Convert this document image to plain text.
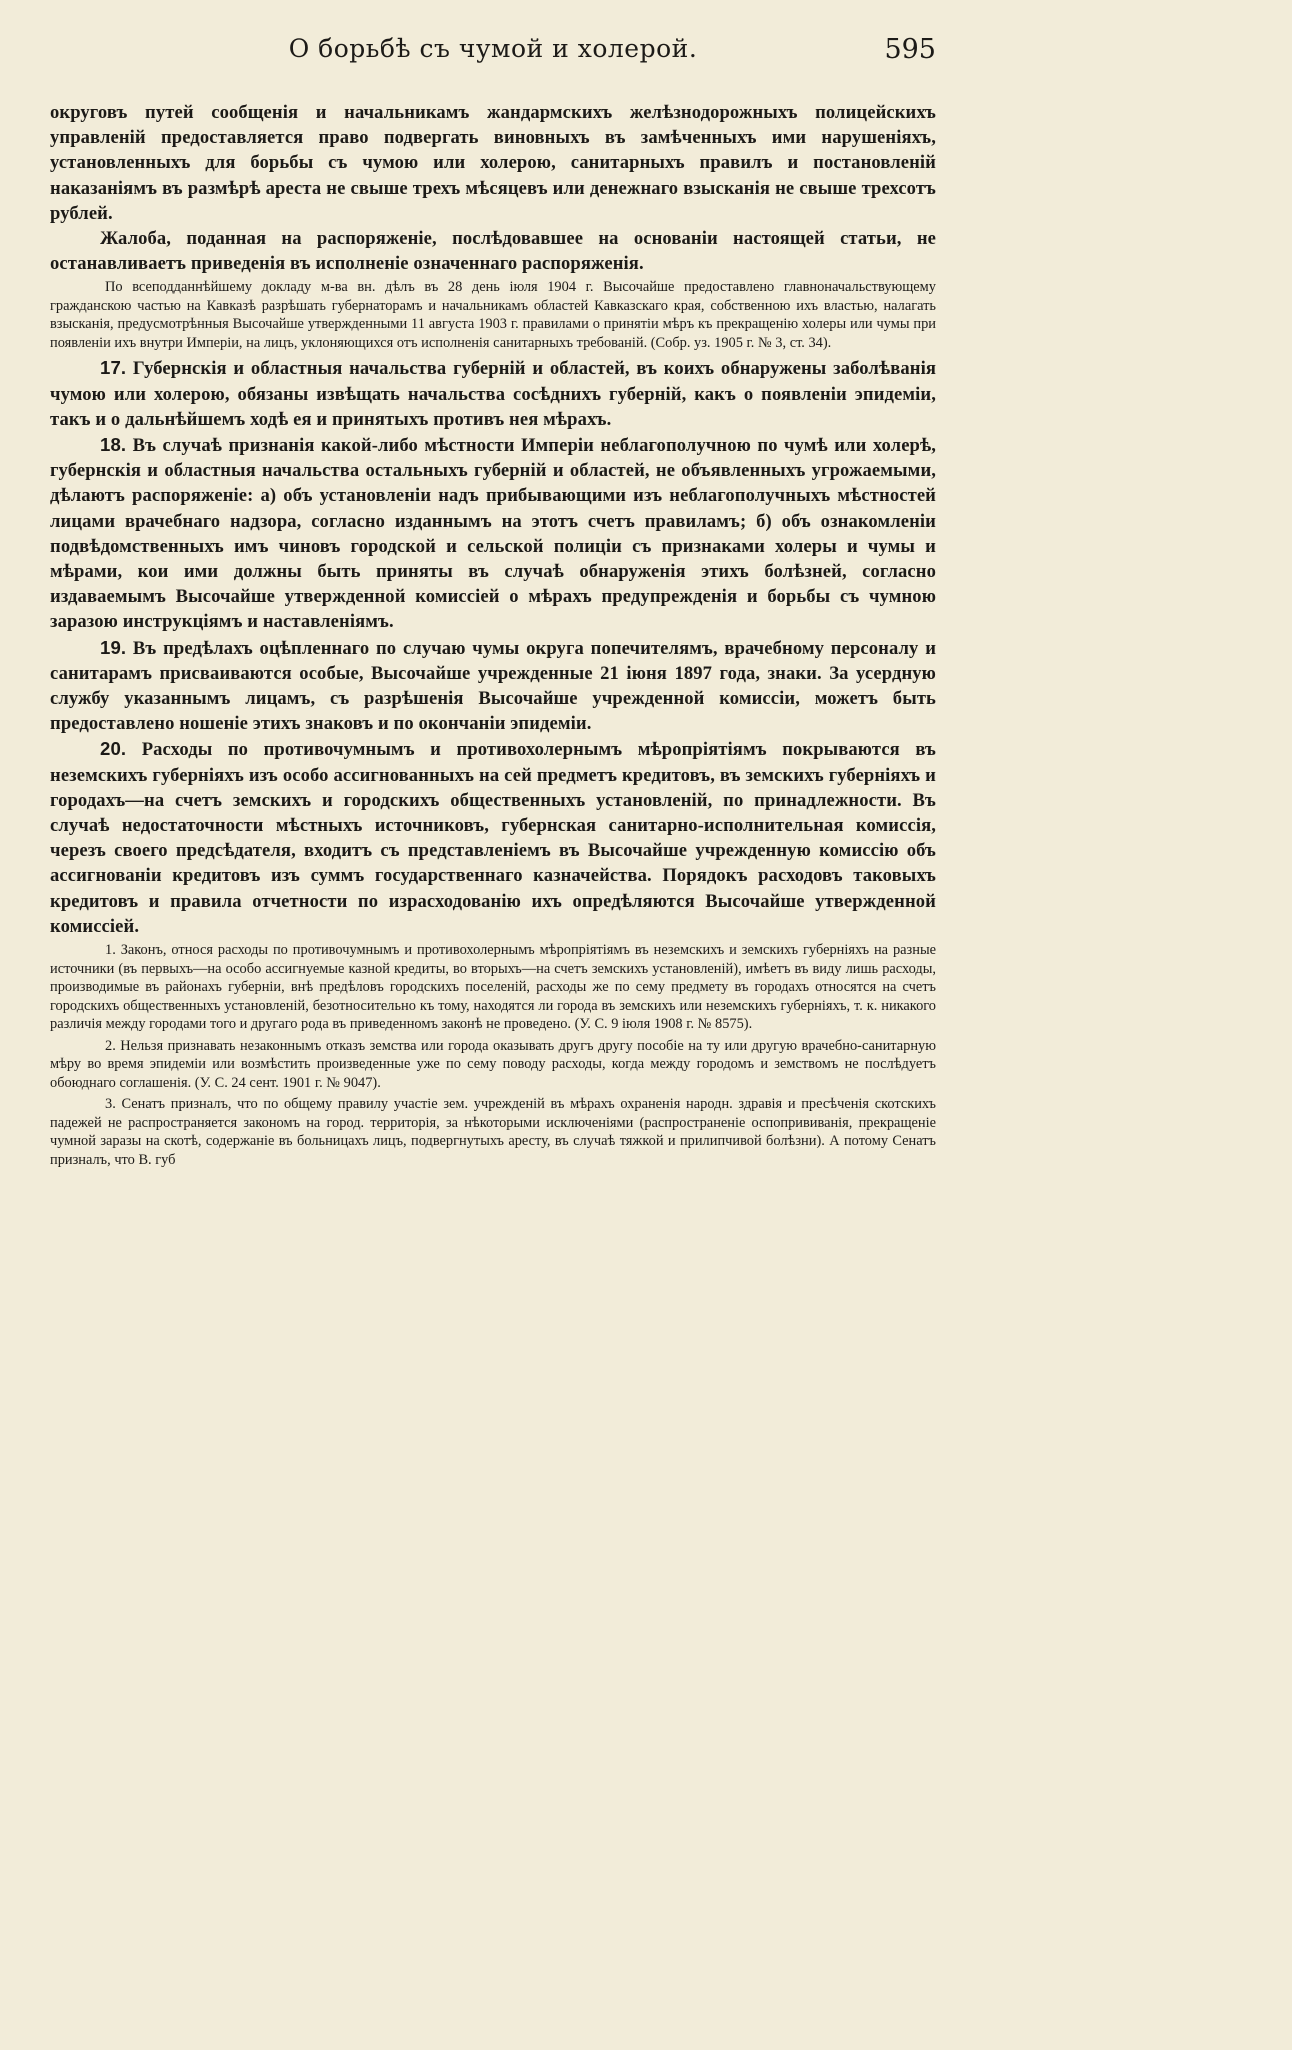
О борьбѣ съ чумой и холерой.	595

округовъ путей сообщенія и начальникамъ жандармскихъ желѣзнодорожныхъ полицейскихъ управленій предоставляется право подвергать виновныхъ въ замѣченныхъ ими нарушеніяхъ, установленныхъ для борьбы съ чумою или холерою, санитарныхъ правилъ и постановленій наказаніямъ въ размѣрѣ ареста не свыше трехъ мѣсяцевъ или денежнаго взысканія не свыше трехсотъ рублей.

Жалоба, поданная на распоряженіе, послѣдовавшее на основаніи настоящей статьи, не останавливаетъ приведенія въ исполненіе означеннаго распоряженія.

По всеподданнѣйшему докладу м-ва вн. дѣлъ въ 28 день іюля 1904 г. Высочайше предоставлено главноначальствующему гражданскою частью на Кавказѣ разрѣшать губернаторамъ и начальникамъ областей Кавказскаго края, собственною ихъ властью, налагать взысканія, предусмотрѣнныя Высочайше утвержденными 11 августа 1903 г. правилами о принятіи мѣръ къ прекращенію холеры или чумы при появленіи ихъ внутри Имперіи, на лицъ, уклоняющихся отъ исполненія санитарныхъ требованій. (Собр. уз. 1905 г. № 3, ст. 34).

17. Губернскія и областныя начальства губерній и областей, въ коихъ обнаружены заболѣванія чумою или холерою, обязаны извѣщать начальства сосѣднихъ губерній, какъ о появленіи эпидеміи, такъ и о дальнѣйшемъ ходѣ ея и принятыхъ противъ нея мѣрахъ.

18. Въ случаѣ признанія какой-либо мѣстности Имперіи неблагополучною по чумѣ или холерѣ, губернскія и областныя начальства остальныхъ губерній и областей, не объявленныхъ угрожаемыми, дѣлаютъ распоряженіе: а) объ установленіи надъ прибывающими изъ неблагополучныхъ мѣстностей лицами врачебнаго надзора, согласно изданнымъ на этотъ счетъ правиламъ; б) объ ознакомленіи подвѣдомственныхъ имъ чиновъ городской и сельской полиціи съ признаками холеры и чумы и мѣрами, кои ими должны быть приняты въ случаѣ обнаруженія этихъ болѣзней, согласно издаваемымъ Высочайше утвержденной комиссіей о мѣрахъ предупрежденія и борьбы съ чумною заразою инструкціямъ и наставленіямъ.

19. Въ предѣлахъ оцѣпленнаго по случаю чумы округа попечителямъ, врачебному персоналу и санитарамъ присваиваются особые, Высочайше учрежденные 21 іюня 1897 года, знаки. За усердную службу указаннымъ лицамъ, съ разрѣшенія Высочайше учрежденной комиссіи, можетъ быть предоставлено ношеніе этихъ знаковъ и по окончаніи эпидеміи.

20. Расходы по противочумнымъ и противохолернымъ мѣропріятіямъ покрываются въ неземскихъ губерніяхъ изъ особо ассигнованныхъ на сей предметъ кредитовъ, въ земскихъ губерніяхъ и городахъ—на счетъ земскихъ и городскихъ общественныхъ установленій, по принадлежности. Въ случаѣ недостаточности мѣстныхъ источниковъ, губернская санитарно-исполнительная комиссія, черезъ своего предсѣдателя, входитъ съ представленіемъ въ Высочайше учрежденную комиссію объ ассигнованіи кредитовъ изъ суммъ государственнаго казначейства. Порядокъ расходовъ таковыхъ кредитовъ и правила отчетности по израсходованію ихъ опредѣляются Высочайше утвержденной комиссіей.

1. Законъ, относя расходы по противочумнымъ и противохолернымъ мѣропріятіямъ въ неземскихъ и земскихъ губерніяхъ на разные источники (въ первыхъ—на особо ассигнуемые казной кредиты, во вторыхъ—на счетъ земскихъ установленій), имѣетъ въ виду лишь расходы, производимые въ районахъ губерніи, внѣ предѣловъ городскихъ поселеній, расходы же по сему предмету въ городахъ относятся на счетъ городскихъ общественныхъ установленій, безотносительно къ тому, находятся ли города въ земскихъ или неземскихъ губерніяхъ, т. к. никакого различія между городами того и другаго рода въ приведенномъ законѣ не проведено. (У. С. 9 іюля 1908 г. № 8575).

2. Нельзя признавать незаконнымъ отказъ земства или города оказывать другъ другу пособіе на ту или другую врачебно-санитарную мѣру во время эпидеміи или возмѣстить произведенные уже по сему поводу расходы, когда между городомъ и земствомъ не послѣдуетъ обоюднаго соглашенія. (У. С. 24 сент. 1901 г. № 9047).

3. Сенатъ призналъ, что по общему правилу участіе зем. учрежденій въ мѣрахъ охраненія народн. здравія и пресѣченія скотскихъ падежей не распространяется закономъ на город. территорія, за нѣкоторыми исключеніями (распространеніе оспопрививанія, прекращеніе чумной заразы на скотѣ, содержаніе въ больницахъ лицъ, подвергнутыхъ аресту, въ случаѣ тяжкой и прилипчивой болѣзни). А потому Сенатъ призналъ, что В. губ
